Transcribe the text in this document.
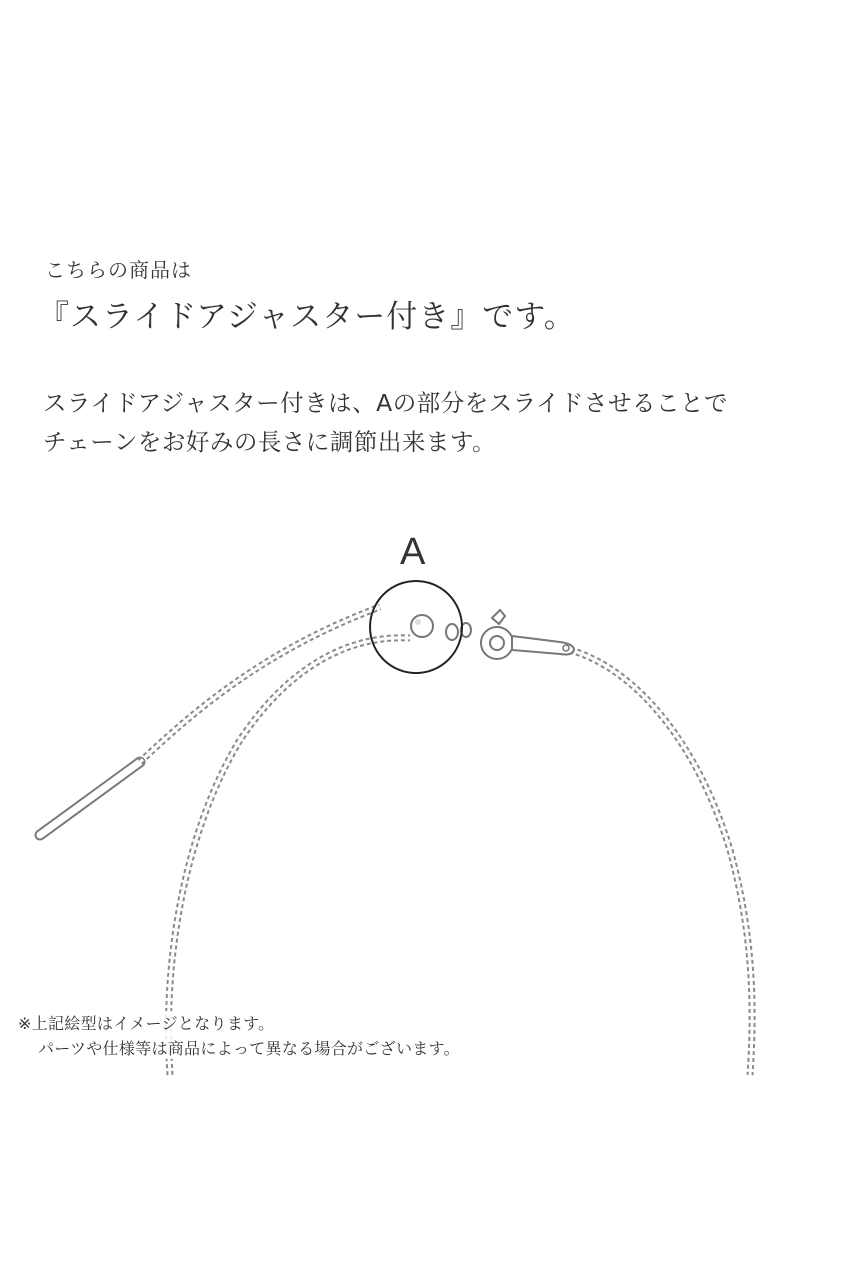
こちらの商品は
『スライドアジャスター付き』です。
スライドアジャスター付きは、Aの部分をスライドさせることで
チェーンをお好みの長さに調節出来ます。
A
※上記絵型はイメージとなります。
パーツや仕様等は商品によって異なる場合がございます。
